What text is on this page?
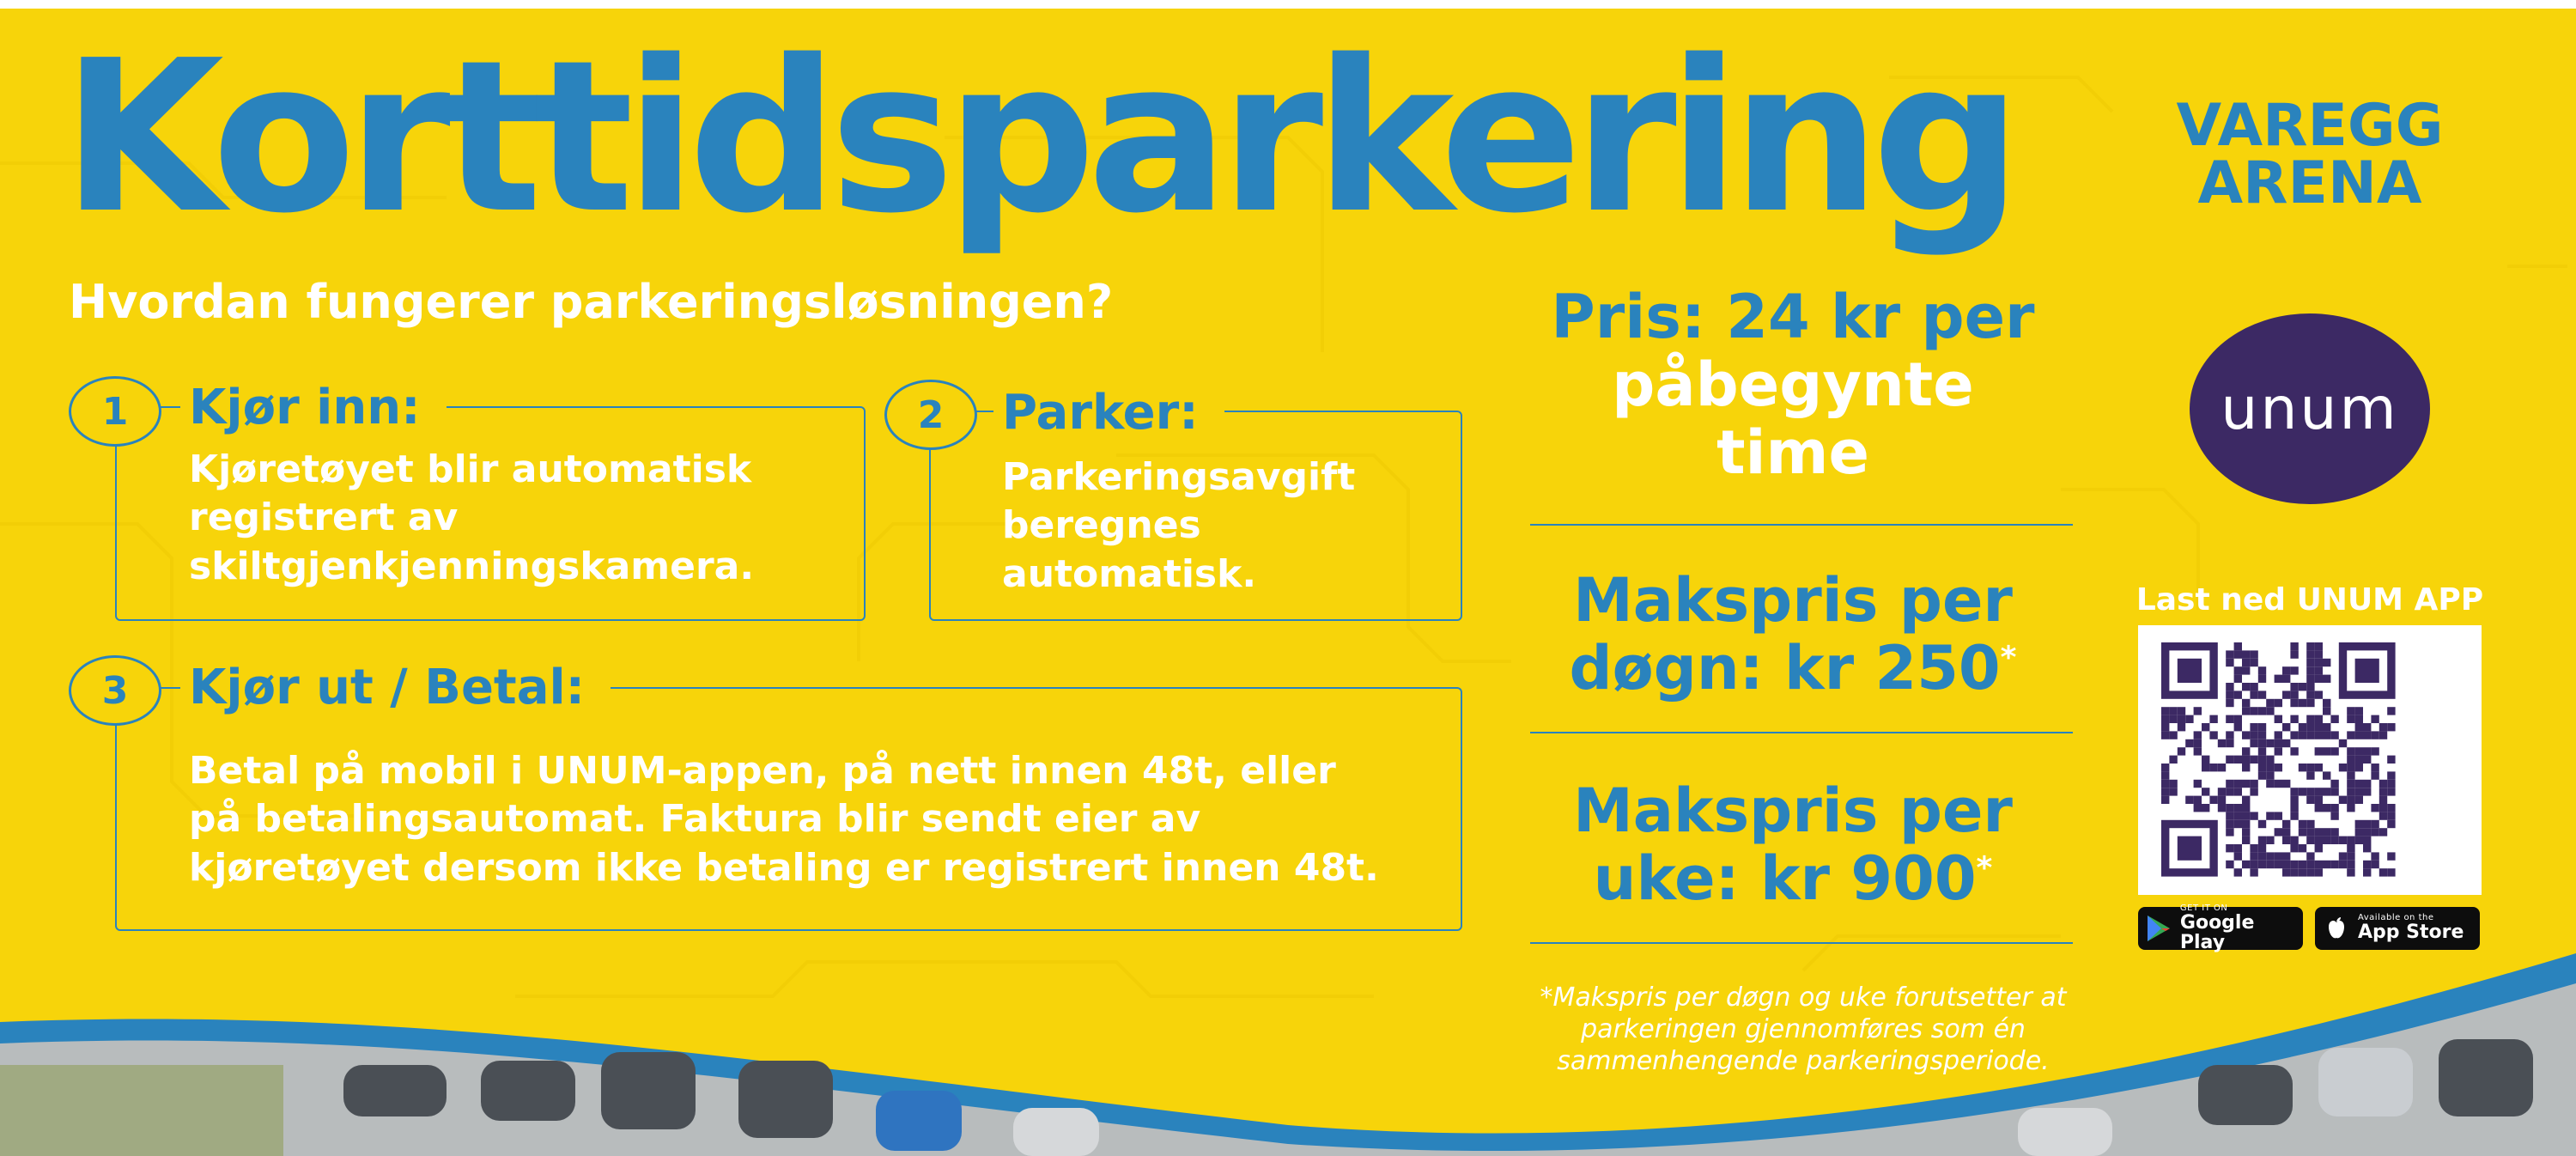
Korttidsparkering	VAREGG
ARENA
Hvordan fungerer parkeringsløsningen?
1	Kjør inn:
Kjøretøyet blir automatisk
registrert av
skiltgjenkjenningskamera.
2	Parker:
Parkeringsavgift
beregnes
automatisk.
3	Kjør ut / Betal:
Betal på mobil i UNUM-appen, på nett innen 48t, eller
på betalingsautomat. Faktura blir sendt eier av
kjøretøyet dersom ikke betaling er registrert innen 48t.
Pris: 24 kr per
påbegynte
time
Makspris per
døgn: kr 250*
Makspris per
uke: kr 900*
*Makspris per døgn og uke forutsetter at
parkeringen gjennomføres som én
sammenhengende parkeringsperiode.
unum
Last ned UNUM APP
GET IT ON
Google Play
Available on the
App Store
